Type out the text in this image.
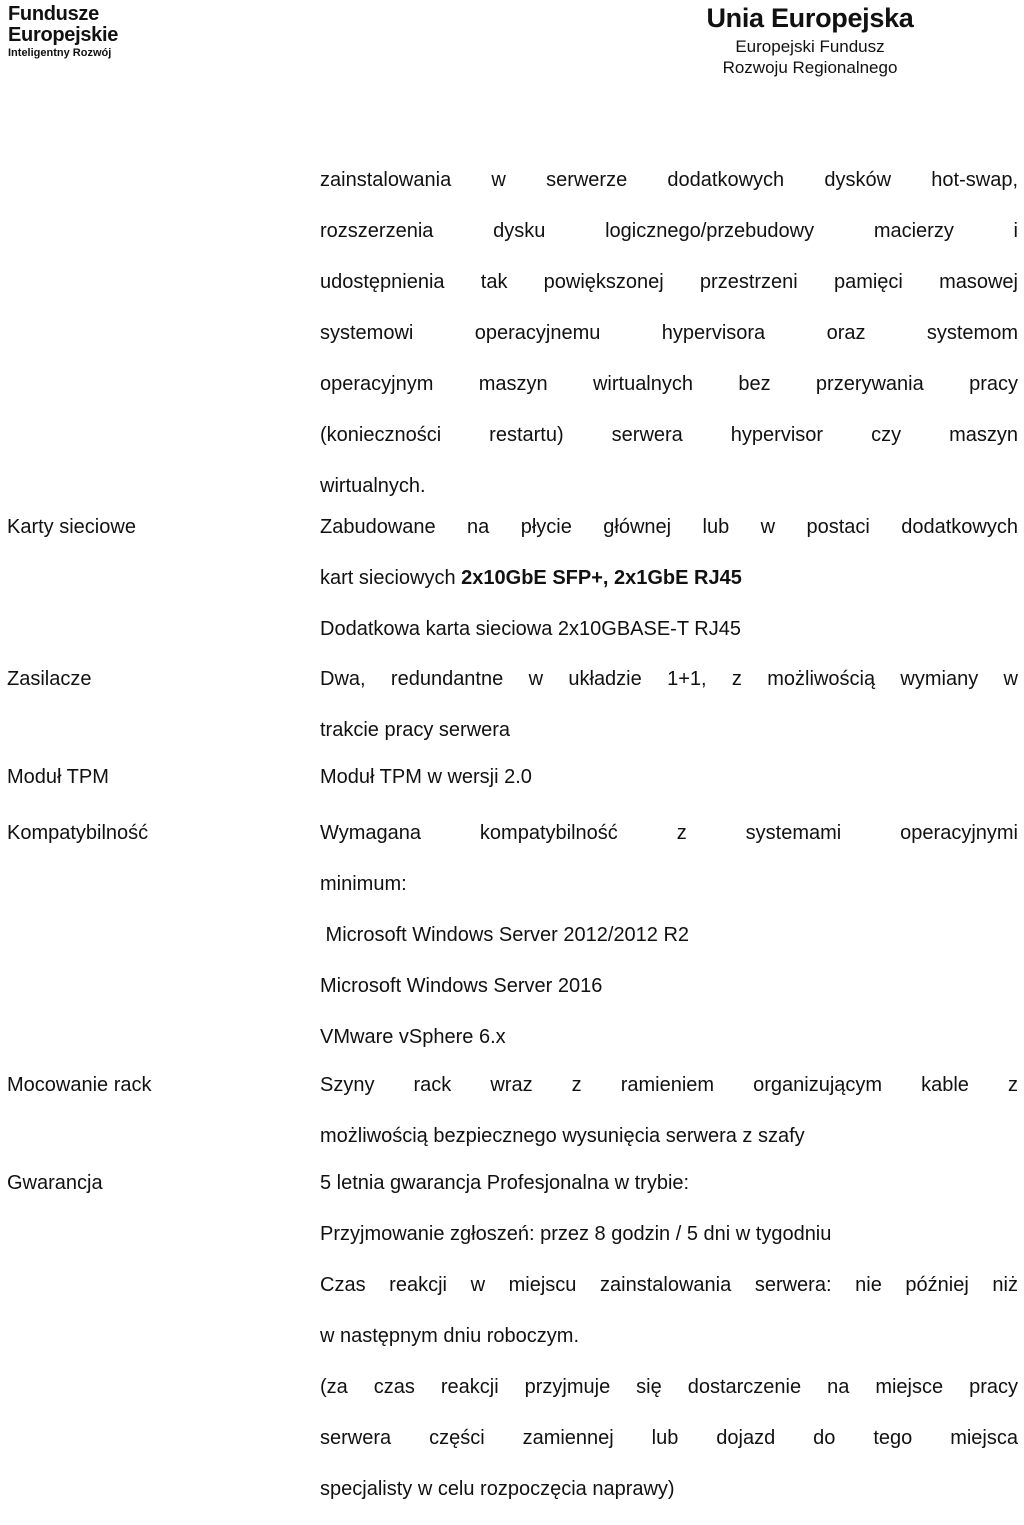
Fundusze
Europejskie
Inteligentny Rozwój
Unia Europejska
Europejski Fundusz
Rozwoju Regionalnego
zainstalowania w serwerze dodatkowych dysków hot-swap,
rozszerzenia dysku logicznego/przebudowy macierzy i
udostępnienia tak powiększonej przestrzeni pamięci masowej
systemowi operacyjnemu hypervisora oraz systemom
operacyjnym maszyn wirtualnych bez przerywania pracy
(konieczności restartu) serwera hypervisor czy maszyn
wirtualnych.
Karty sieciowe	Zabudowane na płycie głównej lub w postaci dodatkowych
kart sieciowych 2x10GbE SFP+, 2x1GbE RJ45
Dodatkowa karta sieciowa 2x10GBASE-T RJ45
Zasilacze	Dwa, redundantne w układzie 1+1, z możliwością wymiany w
trakcie pracy serwera
Moduł TPM	Moduł TPM w wersji 2.0
Kompatybilność	Wymagana kompatybilność z systemami operacyjnymi
minimum:
Microsoft Windows Server 2012/2012 R2
Microsoft Windows Server 2016
VMware vSphere 6.x
Mocowanie rack	Szyny rack wraz z ramieniem organizującym kable z
możliwością bezpiecznego wysunięcia serwera z szafy
Gwarancja	5 letnia gwarancja Profesjonalna w trybie:
Przyjmowanie zgłoszeń: przez 8 godzin / 5 dni w tygodniu
Czas reakcji w miejscu zainstalowania serwera: nie później niż
w następnym dniu roboczym.
(za czas reakcji przyjmuje się dostarczenie na miejsce pracy
serwera części zamiennej lub dojazd do tego miejsca
specjalisty w celu rozpoczęcia naprawy)
